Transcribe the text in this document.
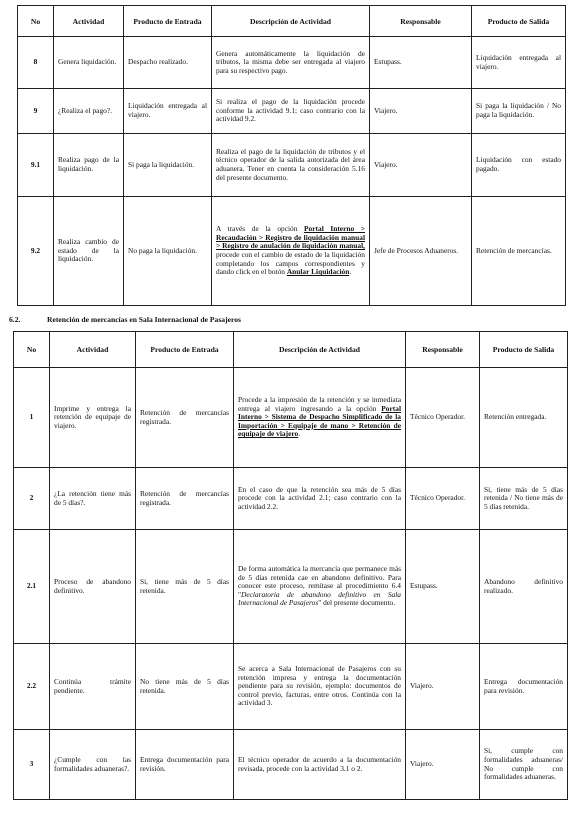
No	Actividad	Producto de Entrada	Descripción de Actividad	Responsable	Producto de Salida
8	Genera liquidación.	Despacho realizado.	Genera automáticamente la liquidación de tributos, la misma debe ser entregada al viajero para su respectivo pago.	Estupass.	Liquidación entregada al viajero.
9	¿Realiza el pago?.	Liquidación entregada al viajero.	Si realiza el pago de la liquidación procede conforme la actividad 9.1; caso contrario con la actividad 9.2.	Viajero.	Si paga la liquidación / No paga la liquidación.
9.1	Realiza pago de la liquidación.	Si paga la liquidación.	Realiza el pago de la liquidación de tributos y el técnico operador de la salida autorizada del área aduanera. Tener en cuenta la consideración 5.16 del presente documento.	Viajero.	Liquidación con estado pagado.
9.2	Realiza cambio de estado de la liquidación.	No paga la liquidación.	A través de la opción Portal Interno > Recaudación > Registro de liquidación manual > Registro de anulación de liquidación manual, procede con el cambio de estado de la liquidación completando los campos correspondientes y dando click en el botón Anular Liquidación.	Jefe de Procesos Aduaneros.	Retención de mercancías.
6.2.	Retención de mercancías en Sala Internacional de Pasajeros
No	Actividad	Producto de Entrada	Descripción de Actividad	Responsable	Producto de Salida
1	Imprime y entrega la retención de equipaje de viajero.	Retención de mercancías registrada.	Procede a la impresión de la retención y se inmediata entrega al viajero ingresando a la opción Portal Interno > Sistema de Despacho Simplificado de la Importación > Equipaje de mano > Retención de equipaje de viajero.	Técnico Operador.	Retención entregada.
2	¿La retención tiene más de 5 días?.	Retención de mercancías registrada.	En el caso de que la retención sea más de 5 días procede con la actividad 2.1; caso contrario con la actividad 2.2.	Técnico Operador.	Si, tiene más de 5 días retenida / No tiene más de 5 días retenida.
2.1	Proceso de abandono definitivo.	Si, tiene más de 5 días retenida.	De forma automática la mercancía que permanece más de 5 días retenida cae en abandono definitivo. Para conocer este proceso, remítase al procedimiento 6.4 "Declaratoria de abandono definitivo en Sala Internacional de Pasajeros" del presente documento.	Estupass.	Abandono definitivo realizado.
2.2	Continúa trámite pendiente.	No tiene más de 5 días retenida.	Se acerca a Sala Internacional de Pasajeros con su retención impresa y entrega la documentación pendiente para su revisión, ejemplo: documentos de control previo, facturas, entre otros. Continúa con la actividad 3.	Viajero.	Entrega documentación para revisión.
3	¿Cumple con las formalidades aduaneras?.	Entrega documentación para revisión.	El técnico operador de acuerdo a la documentación revisada, procede con la actividad 3.1 o 2.	Viajero.	Si, cumple con formalidades aduaneras/ No cumple con formalidades aduaneras.
